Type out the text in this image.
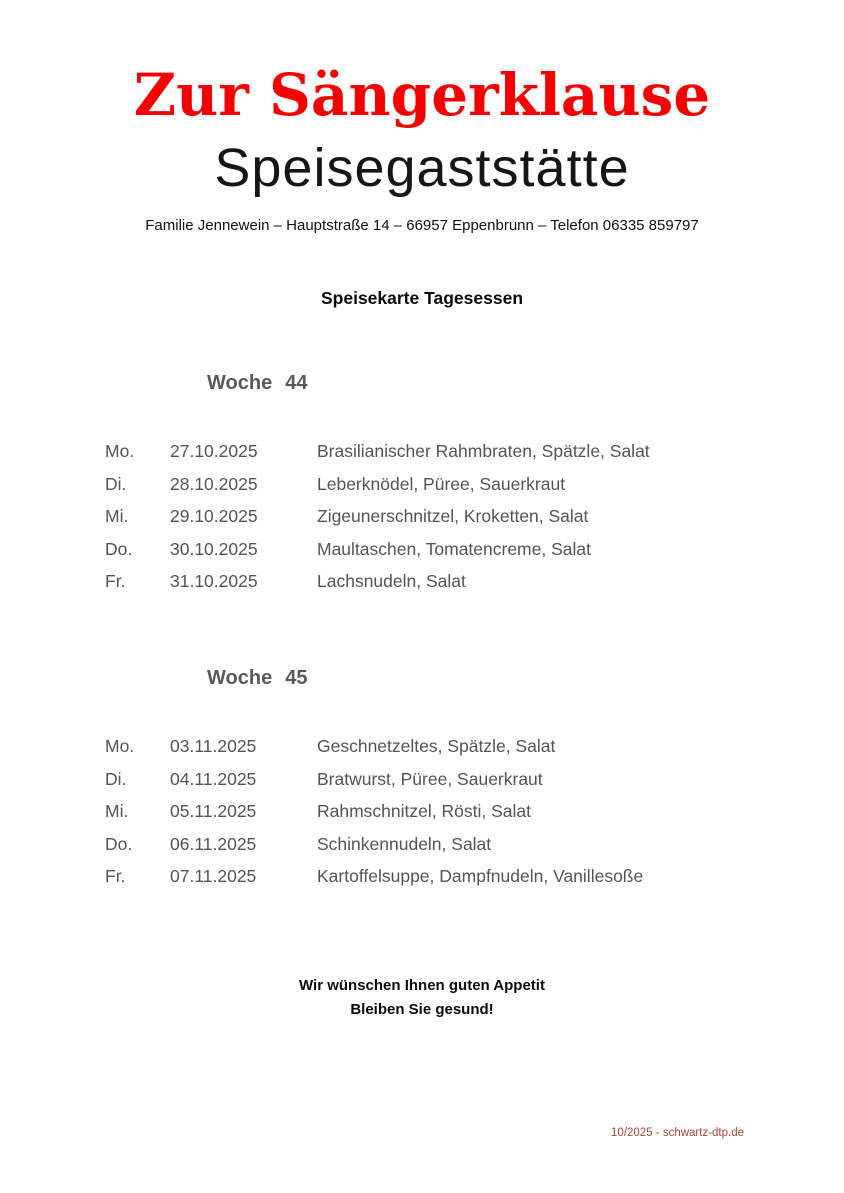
Zur Sängerklause
Speisegaststätte
Familie Jennewein – Hauptstraße 14 – 66957 Eppenbrunn – Telefon 06335 859797
Speisekarte Tagesessen
Woche 44
Mo.	27.10.2025	Brasilianischer Rahmbraten, Spätzle, Salat
Di.	28.10.2025	Leberknödel, Püree, Sauerkraut
Mi.	29.10.2025	Zigeunerschnitzel, Kroketten, Salat
Do.	30.10.2025	Maultaschen, Tomatencreme, Salat
Fr.	31.10.2025	Lachsnudeln, Salat
Woche 45
Mo.	03.11.2025	Geschnetzeltes, Spätzle, Salat
Di.	04.11.2025	Bratwurst, Püree, Sauerkraut
Mi.	05.11.2025	Rahmschnitzel, Rösti, Salat
Do.	06.11.2025	Schinkennudeln, Salat
Fr.	07.11.2025	Kartoffelsuppe, Dampfnudeln, Vanillesoße
Wir wünschen Ihnen guten Appetit
Bleiben Sie gesund!
10/2025 - schwartz-dtp.de
